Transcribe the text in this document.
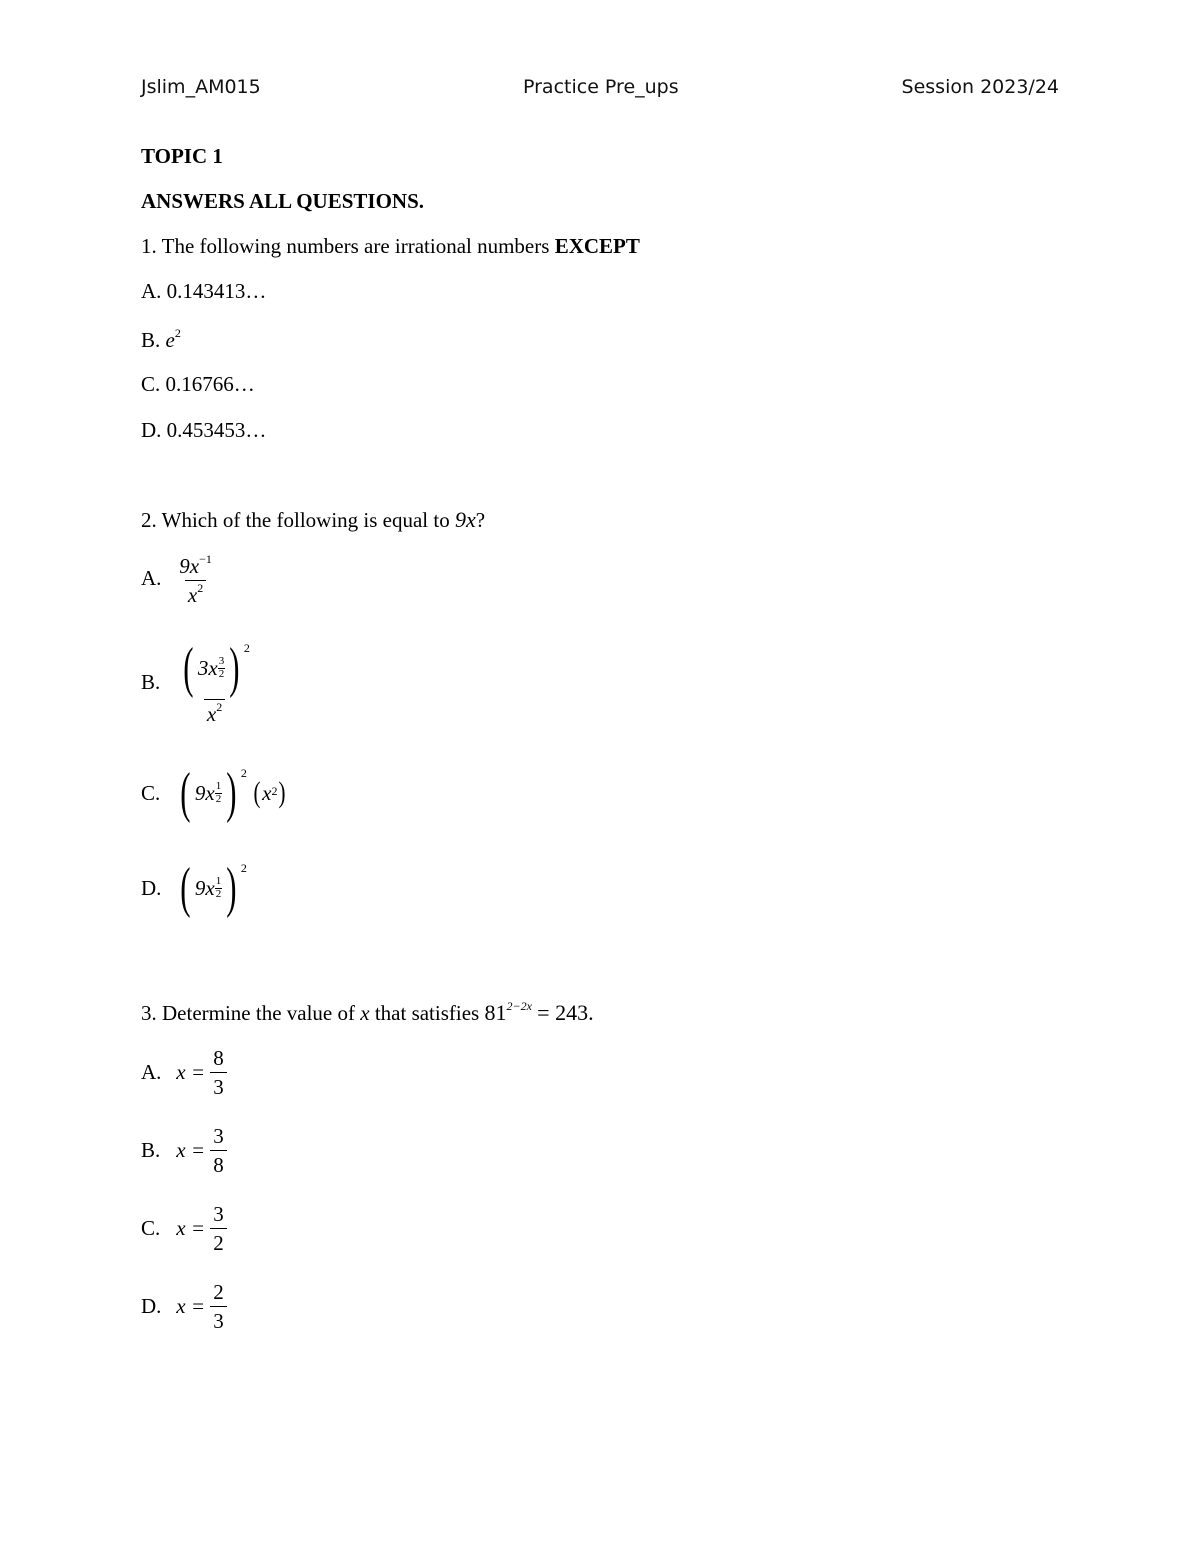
Jslim_AM015	Practice Pre_ups	Session 2023/24
TOPIC 1
ANSWERS ALL QUESTIONS.
1. The following numbers are irrational numbers EXCEPT
A. 0.143413…
B. $e^2$
C. 0.16766…
D. 0.453453…
2. Which of the following is equal to 9x?
A. $\frac{9x^{-1}}{x^2}$
B. ( 3x 3
2 ) 2
$x^2$
C. ( 9x 1
2 ) 2

( $x^2$ )
D. ( 9x 1
2 ) 2
3. Determine the value of x that satisfies $81^{2-2x} = 243$.
A. $x = \frac{8}{3}$
B. $x = \frac{3}{8}$
C. $x = \frac{3}{2}$
D. $x = \frac{2}{3}$
